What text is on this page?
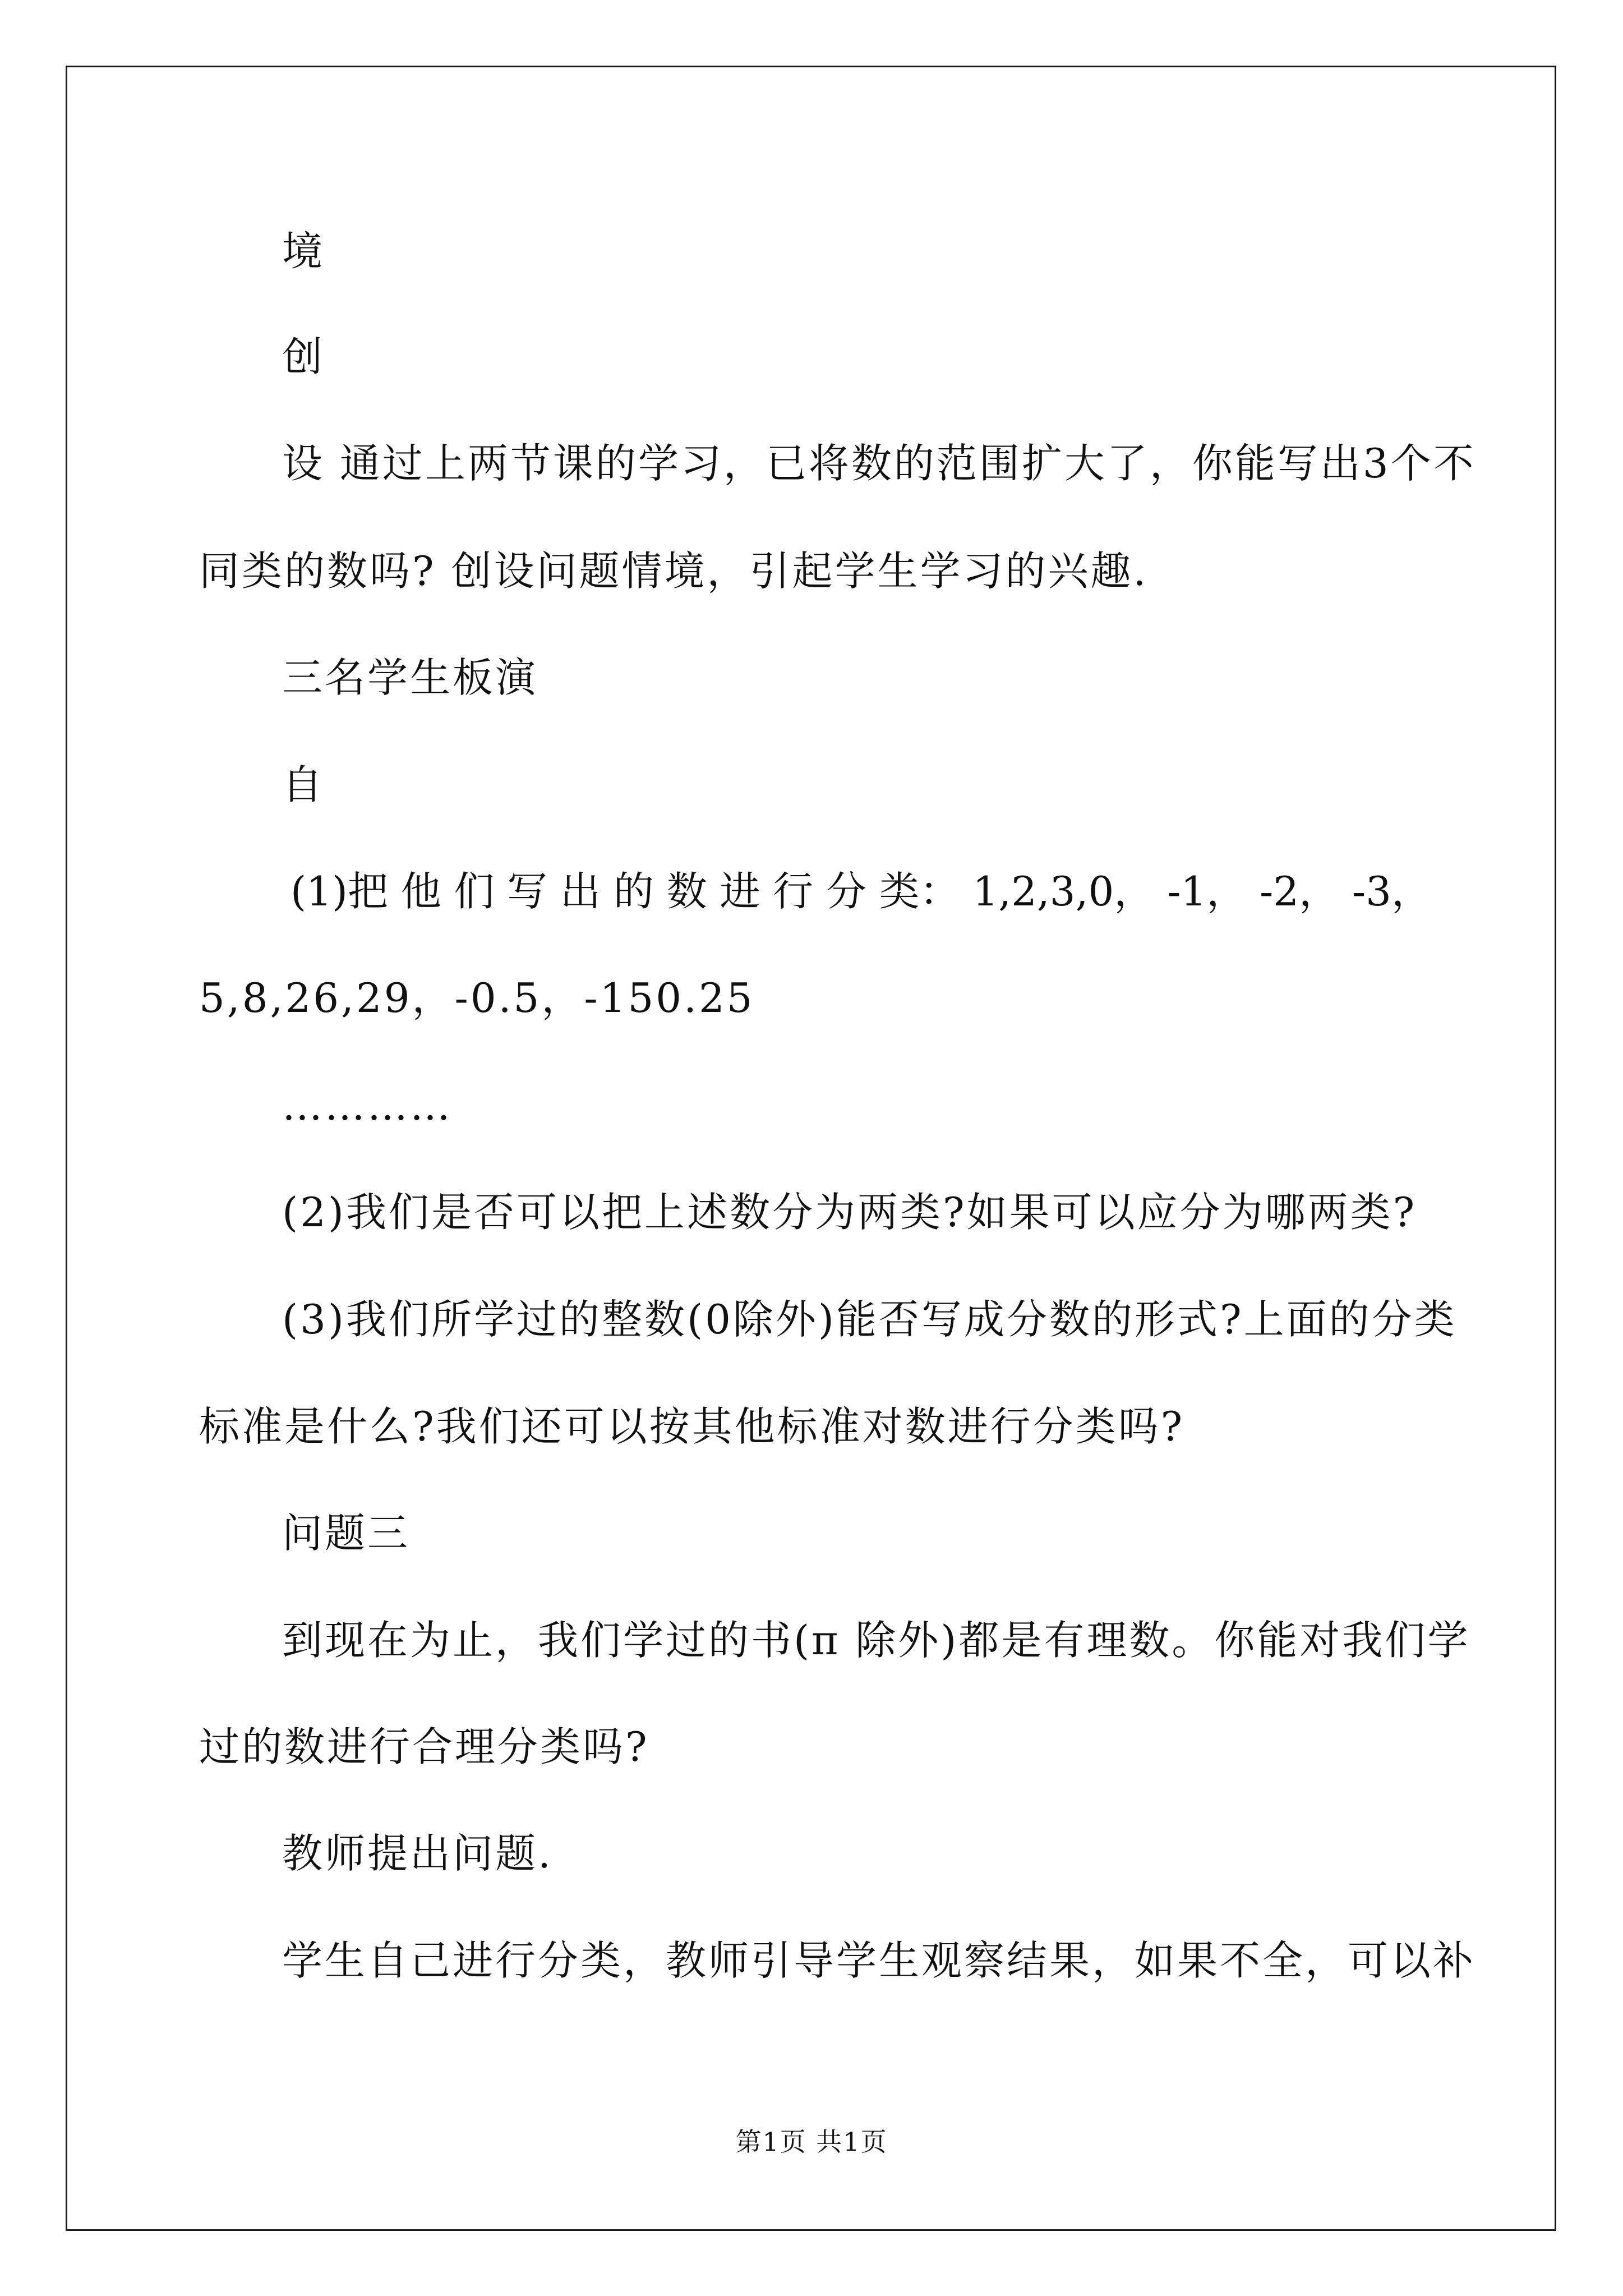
境

创

设 通过上两节课的学习，已将数的范围扩大了，你能写出3个不

同类的数吗? 创设问题情境，引起学生学习的兴趣.

三名学生板演

自

(1)把 他 们 写 出 的 数 进 行 分 类： 1,2,3,0， -1， -2， -3，

5,8,26,29，-0.5，-150.25

…………

(2)我们是否可以把上述数分为两类?如果可以应分为哪两类?

(3)我们所学过的整数(0除外)能否写成分数的形式?上面的分类

标准是什么?我们还可以按其他标准对数进行分类吗?

问题三

到现在为止，我们学过的书(π 除外)都是有理数。你能对我们学

过的数进行合理分类吗?

教师提出问题.

学生自己进行分类，教师引导学生观察结果，如果不全，可以补

第1页 共1页
